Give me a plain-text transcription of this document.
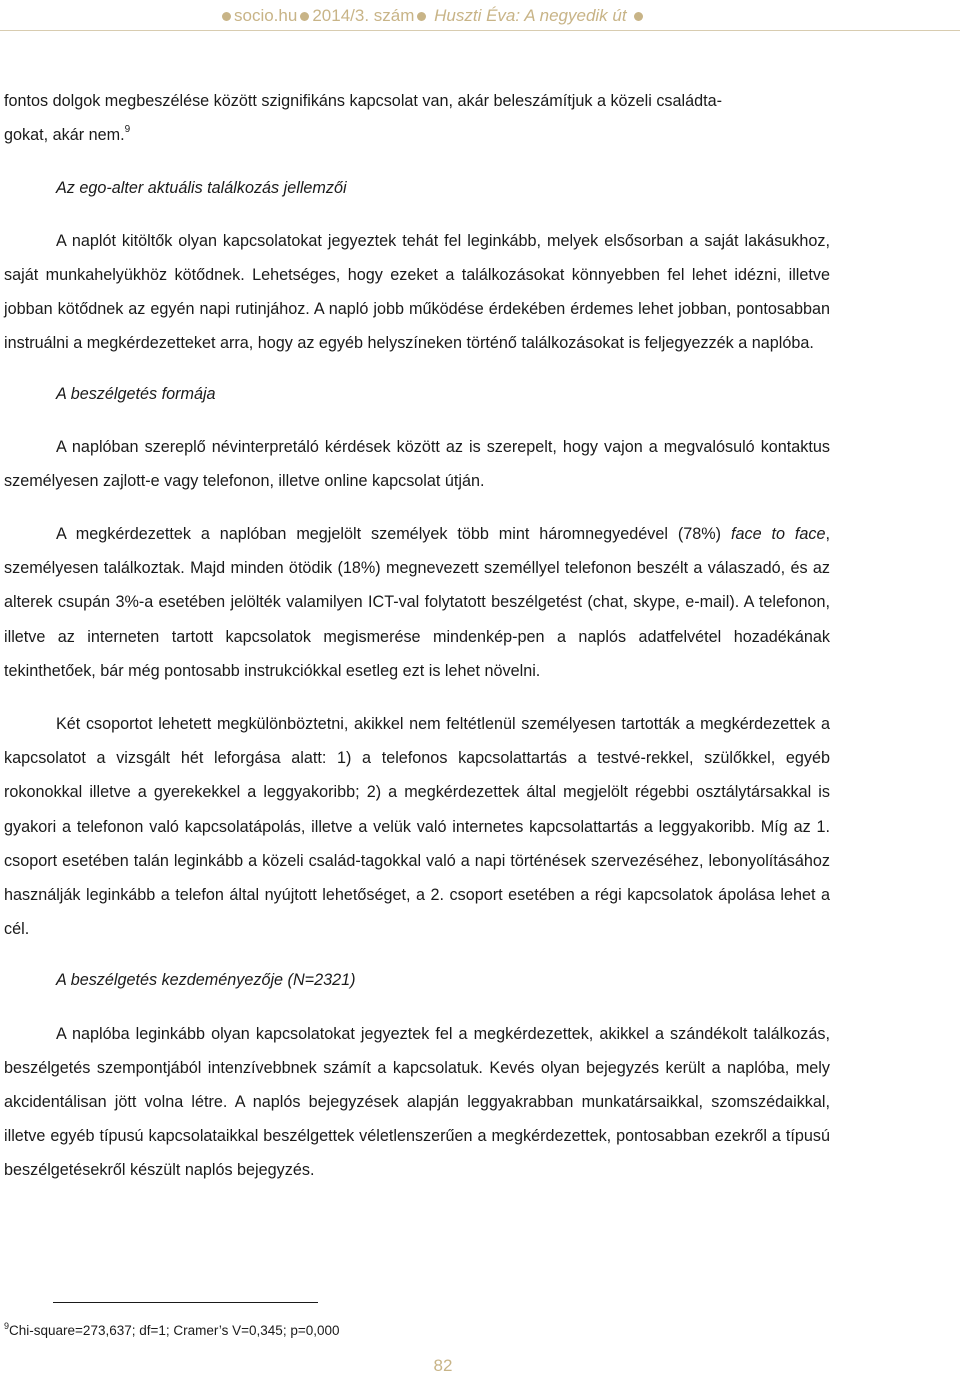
socio.hu 2014/3. szám Huszti Éva: A negyedik út

fontos dolgok megbeszélése között szignifikáns kapcsolat van, akár beleszámítjuk a közeli családta-
gokat, akár nem.$^9$

Az ego-alter aktuális találkozás jellemzői

A naplót kitöltők olyan kapcsolatokat jegyeztek tehát fel leginkább, melyek elsősorban a saját lakásukhoz, saját munkahelyükhöz kötődnek. Lehetséges, hogy ezeket a találkozásokat könnyebben fel lehet idézni, illetve jobban kötődnek az egyén napi rutinjához. A napló jobb működése érdekében érdemes lehet jobban, pontosabban instruálni a megkérdezetteket arra, hogy az egyéb helyszíneken történő találkozásokat is feljegyezzék a naplóba.

A beszélgetés formája

A naplóban szereplő névinterpretáló kérdések között az is szerepelt, hogy vajon a megvalósuló kontaktus személyesen zajlott-e vagy telefonon, illetve online kapcsolat útján.

A megkérdezettek a naplóban megjelölt személyek több mint háromnegyedével (78%) face to face, személyesen találkoztak. Majd minden ötödik (18%) megnevezett személlyel telefonon beszélt a válaszadó, és az alterek csupán 3%-a esetében jelölték valamilyen ICT-val folytatott beszélgetést (chat, skype, e-mail). A telefonon, illetve az interneten tartott kapcsolatok megismerése mindenkép-pen a naplós adatfelvétel hozadékának tekinthetőek, bár még pontosabb instrukciókkal esetleg ezt is lehet növelni.

Két csoportot lehetett megkülönböztetni, akikkel nem feltétlenül személyesen tartották a megkérdezettek a kapcsolatot a vizsgált hét leforgása alatt: 1) a telefonos kapcsolattartás a testvé-rekkel, szülőkkel, egyéb rokonokkal illetve a gyerekekkel a leggyakoribb; 2) a megkérdezettek által megjelölt régebbi osztálytársakkal is gyakori a telefonon való kapcsolatápolás, illetve a velük való internetes kapcsolattartás a leggyakoribb. Míg az 1. csoport esetében talán leginkább a közeli család-tagokkal való a napi történések szervezéséhez, lebonyolításához használják leginkább a telefon által nyújtott lehetőséget, a 2. csoport esetében a régi kapcsolatok ápolása lehet a cél.

A beszélgetés kezdeményezője (N=2321)

A naplóba leginkább olyan kapcsolatokat jegyeztek fel a megkérdezettek, akikkel a szándékolt találkozás, beszélgetés szempontjából intenzívebbnek számít a kapcsolatuk. Kevés olyan bejegyzés került a naplóba, mely akcidentálisan jött volna létre. A naplós bejegyzések alapján leggyakrabban munkatársaikkal, szomszédaikkal, illetve egyéb típusú kapcsolataikkal beszélgettek véletlenszerűen a megkérdezettek, pontosabban ezekről a típusú beszélgetésekről készült naplós bejegyzés.

$^9$Chi-square=273,637; df=1; Cramer’s V=0,345; p=0,000
82
